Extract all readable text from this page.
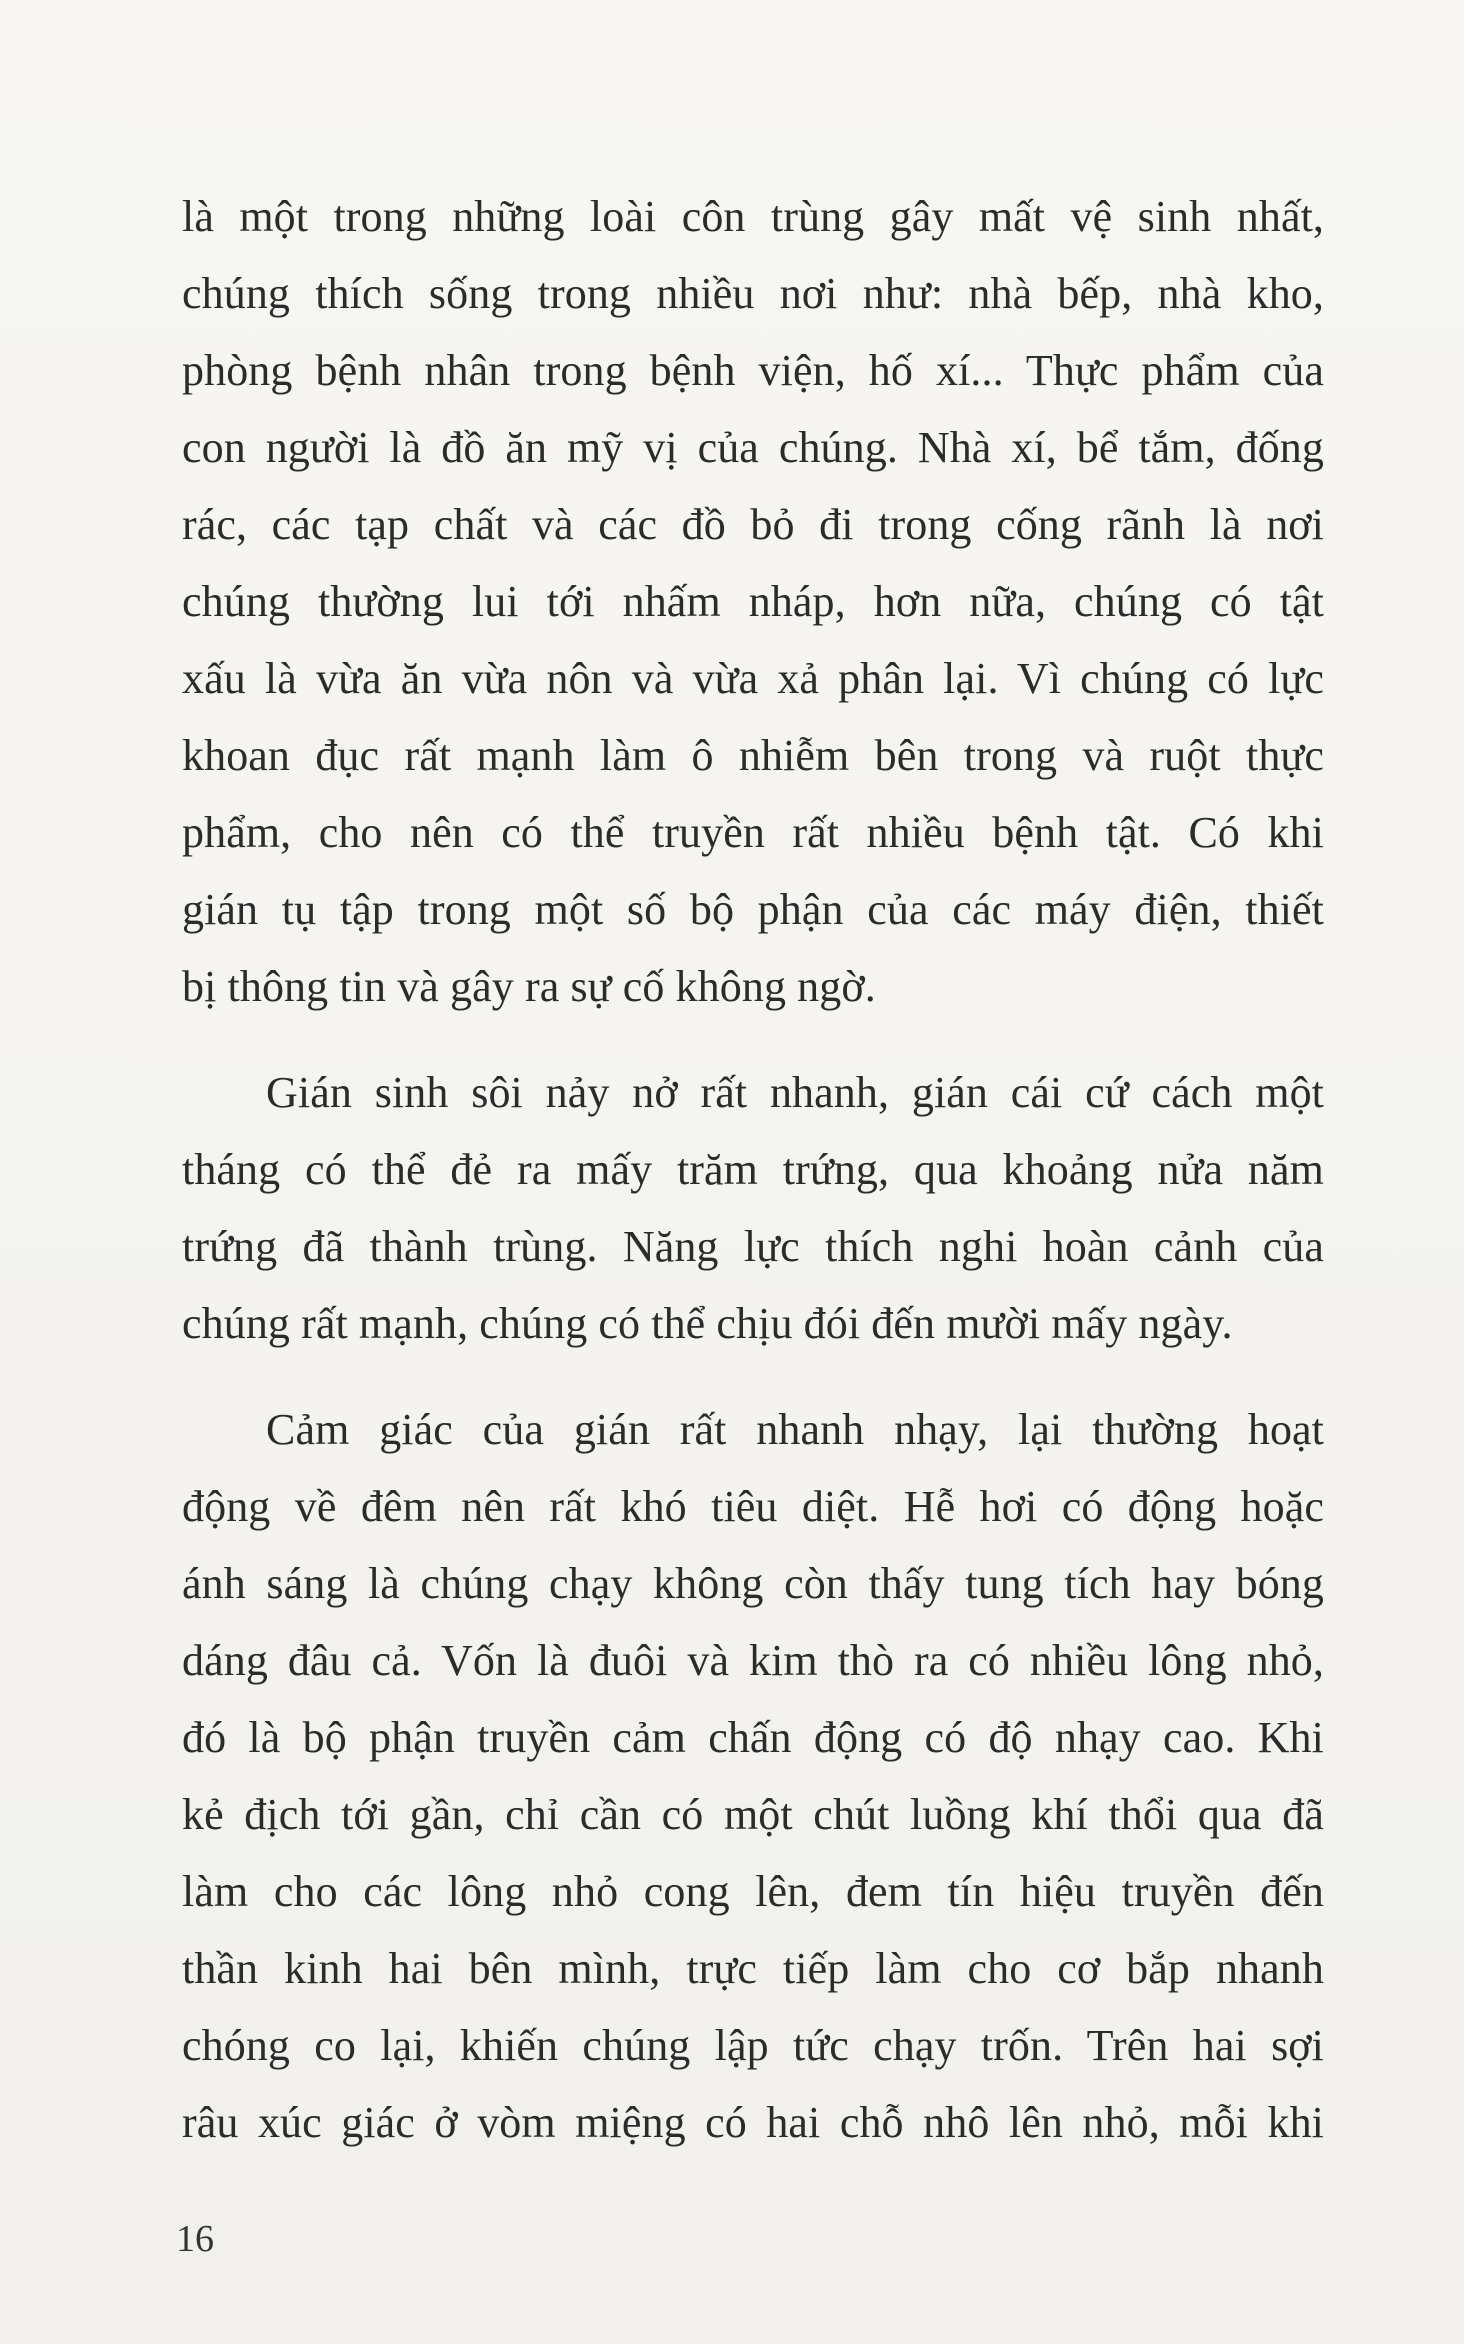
là một trong những loài côn trùng gây mất vệ sinh nhất,
chúng thích sống trong nhiều nơi như: nhà bếp, nhà kho,
phòng bệnh nhân trong bệnh viện, hố xí... Thực phẩm của
con người là đồ ăn mỹ vị của chúng. Nhà xí, bể tắm, đống
rác, các tạp chất và các đồ bỏ đi trong cống rãnh là nơi
chúng thường lui tới nhấm nháp, hơn nữa, chúng có tật
xấu là vừa ăn vừa nôn và vừa xả phân lại. Vì chúng có lực
khoan đục rất mạnh làm ô nhiễm bên trong và ruột thực
phẩm, cho nên có thể truyền rất nhiều bệnh tật. Có khi
gián tụ tập trong một số bộ phận của các máy điện, thiết
bị thông tin và gây ra sự cố không ngờ.
Gián sinh sôi nảy nở rất nhanh, gián cái cứ cách một
tháng có thể đẻ ra mấy trăm trứng, qua khoảng nửa năm
trứng đã thành trùng. Năng lực thích nghi hoàn cảnh của
chúng rất mạnh, chúng có thể chịu đói đến mười mấy ngày.
Cảm giác của gián rất nhanh nhạy, lại thường hoạt
động về đêm nên rất khó tiêu diệt. Hễ hơi có động hoặc
ánh sáng là chúng chạy không còn thấy tung tích hay bóng
dáng đâu cả. Vốn là đuôi và kim thò ra có nhiều lông nhỏ,
đó là bộ phận truyền cảm chấn động có độ nhạy cao. Khi
kẻ địch tới gần, chỉ cần có một chút luồng khí thổi qua đã
làm cho các lông nhỏ cong lên, đem tín hiệu truyền đến
thần kinh hai bên mình, trực tiếp làm cho cơ bắp nhanh
chóng co lại, khiến chúng lập tức chạy trốn. Trên hai sợi
râu xúc giác ở vòm miệng có hai chỗ nhô lên nhỏ, mỗi khi
16
